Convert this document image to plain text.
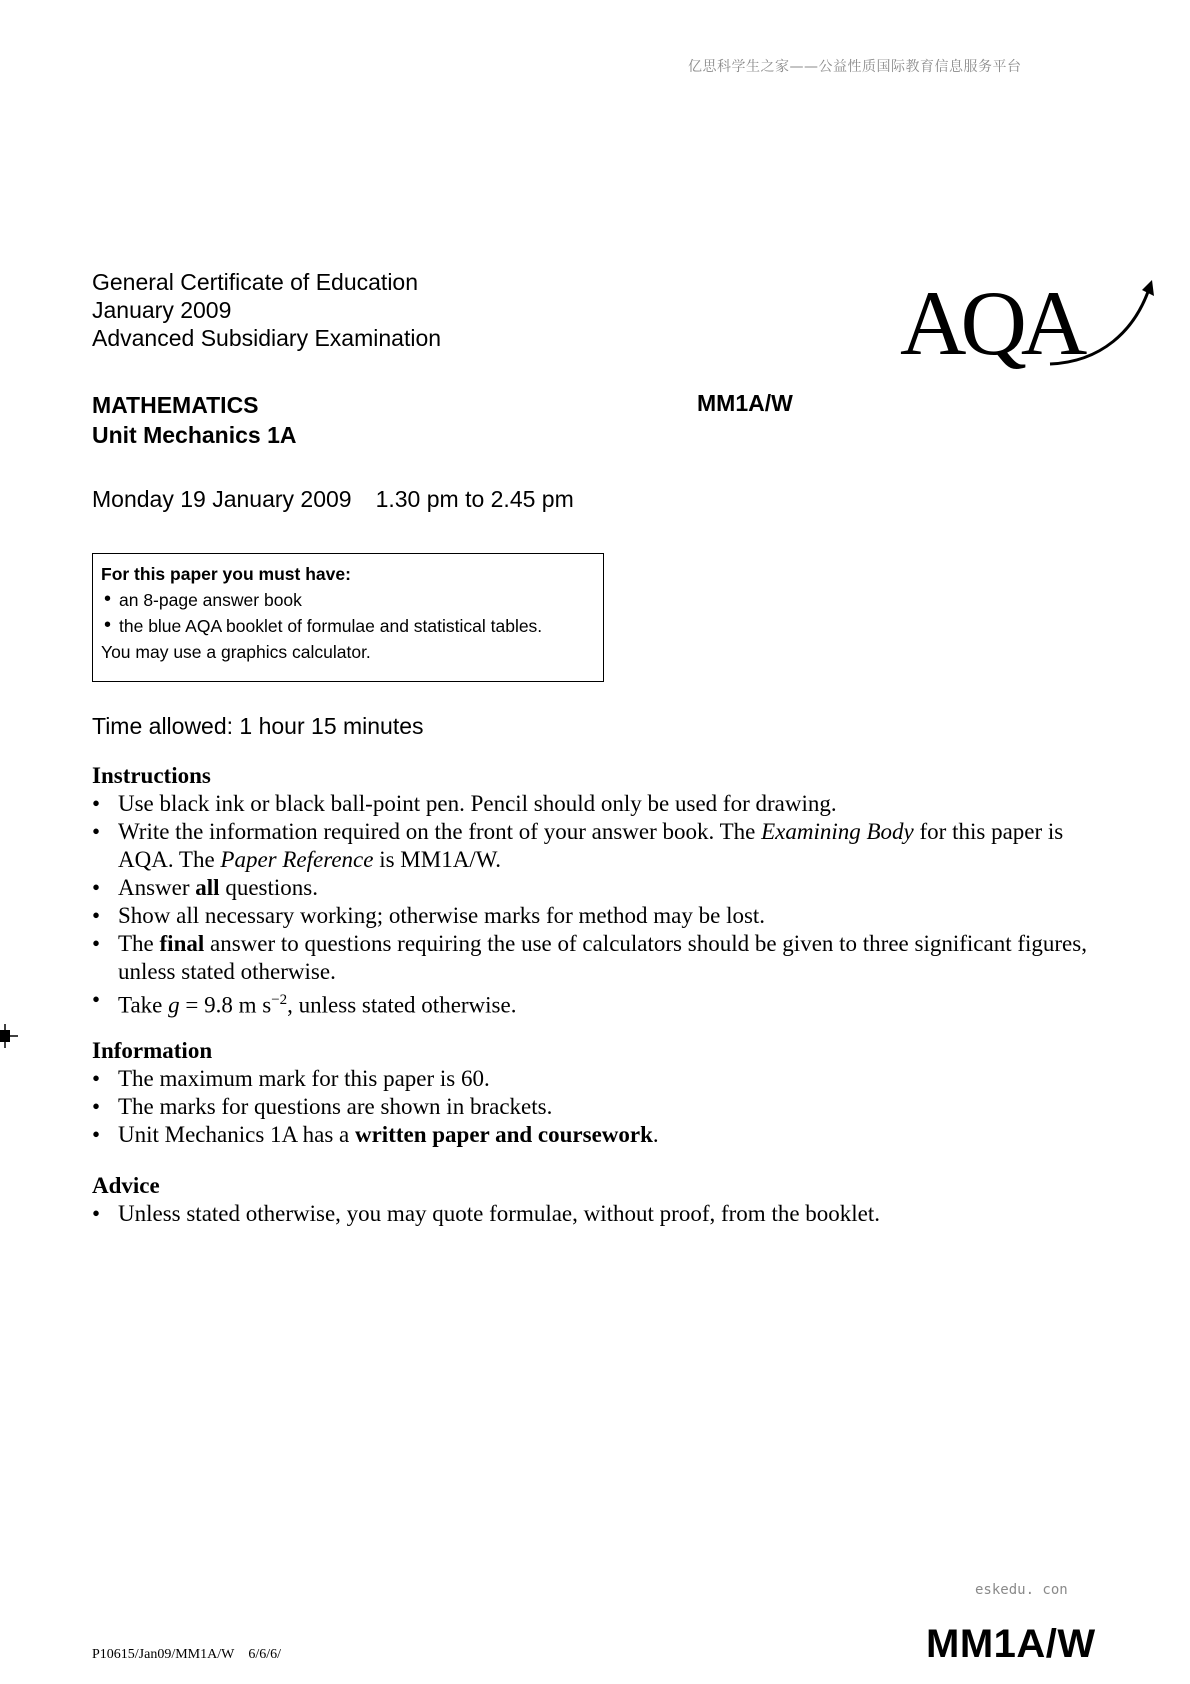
亿思科学生之家——公益性质国际教育信息服务平台
General Certificate of Education
January 2009
Advanced Subsidiary Examination	AQA
MATHEMATICS
Unit Mechanics 1A
MM1A/W
Monday 19 January 2009 1.30 pm to 2.45 pm
For this paper you must have:
• an 8-page answer book
• the blue AQA booklet of formulae and statistical tables.
You may use a graphics calculator.
Time allowed: 1 hour 15 minutes
Instructions
• Use black ink or black ball-point pen. Pencil should only be used for drawing.
• Write the information required on the front of your answer book. The Examining Body for this paper is AQA. The Paper Reference is MM1A/W.
• Answer all questions.
• Show all necessary working; otherwise marks for method may be lost.
• The final answer to questions requiring the use of calculators should be given to three significant figures, unless stated otherwise.
• Take g = 9.8 m $s^{-2}$, unless stated otherwise.
Information
• The maximum mark for this paper is 60.
• The marks for questions are shown in brackets.
• Unit Mechanics 1A has a written paper and coursework.
Advice
• Unless stated otherwise, you may quote formulae, without proof, from the booklet.
eskedu. con
P10615/Jan09/MM1A/W 6/6/6/	MM1A/W
